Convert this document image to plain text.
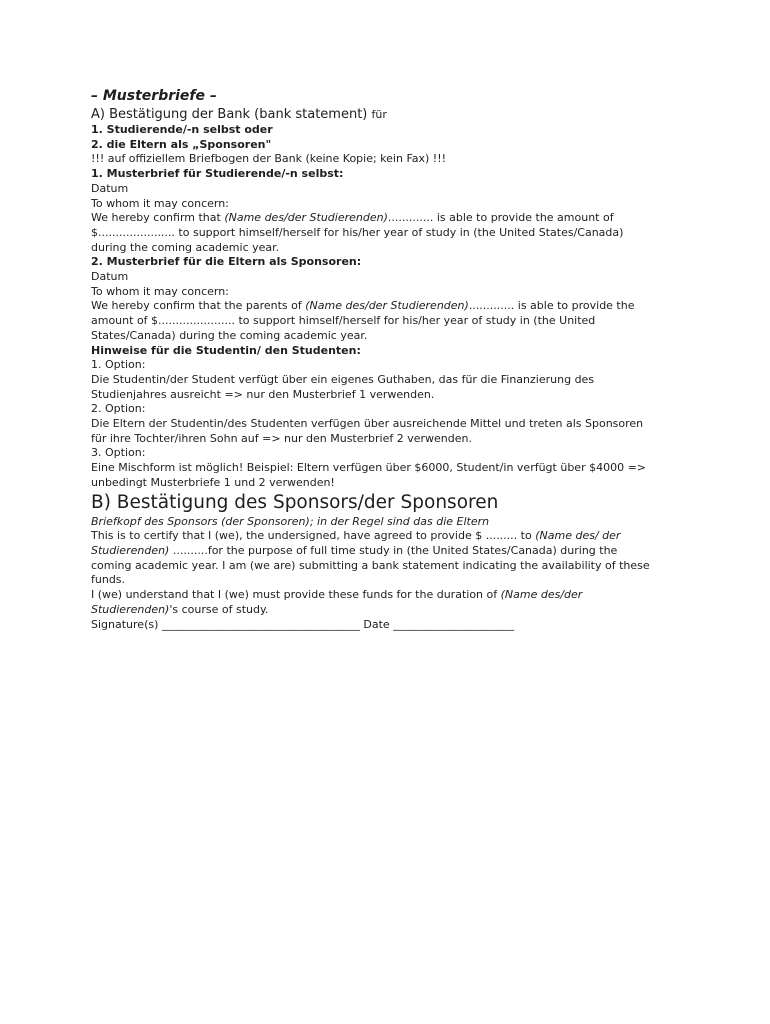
– Musterbriefe –
A) Bestätigung der Bank (bank statement) für
1. Studierende/-n selbst oder
2. die Eltern als „Sponsoren"
!!! auf offiziellem Briefbogen der Bank (keine Kopie; kein Fax) !!!
1. Musterbrief für Studierende/-n selbst:
Datum
To whom it may concern:
We hereby confirm that (Name des/der Studierenden)............. is able to provide the amount of $...................... to support himself/herself for his/her year of study in (the United States/Canada) during the coming academic year.
2. Musterbrief für die Eltern als Sponsoren:
Datum
To whom it may concern:
We hereby confirm that the parents of (Name des/der Studierenden)............. is able to provide the amount of $...................... to support himself/herself for his/her year of study in (the United States/Canada) during the coming academic year.
Hinweise für die Studentin/ den Studenten:
1. Option:
Die Studentin/der Student verfügt über ein eigenes Guthaben, das für die Finanzierung des Studienjahres ausreicht => nur den Musterbrief 1 verwenden.
2. Option:
Die Eltern der Studentin/des Studenten verfügen über ausreichende Mittel und treten als Sponsoren für ihre Tochter/ihren Sohn auf => nur den Musterbrief 2 verwenden.
3. Option:
Eine Mischform ist möglich! Beispiel: Eltern verfügen über $6000, Student/in verfügt über $4000 => unbedingt Musterbriefe 1 und 2 verwenden!
B) Bestätigung des Sponsors/der Sponsoren
Briefkopf des Sponsors (der Sponsoren); in der Regel sind das die Eltern
This is to certify that I (we), the undersigned, have agreed to provide $ ......... to (Name des/ der Studierenden) ..........for the purpose of full time study in (the United States/Canada) during the coming academic year. I am (we are) submitting a bank statement indicating the availability of these funds.
I (we) understand that I (we) must provide these funds for the duration of (Name des/der Studierenden)'s course of study.
Signature(s) ____________________________________ Date ______________________
